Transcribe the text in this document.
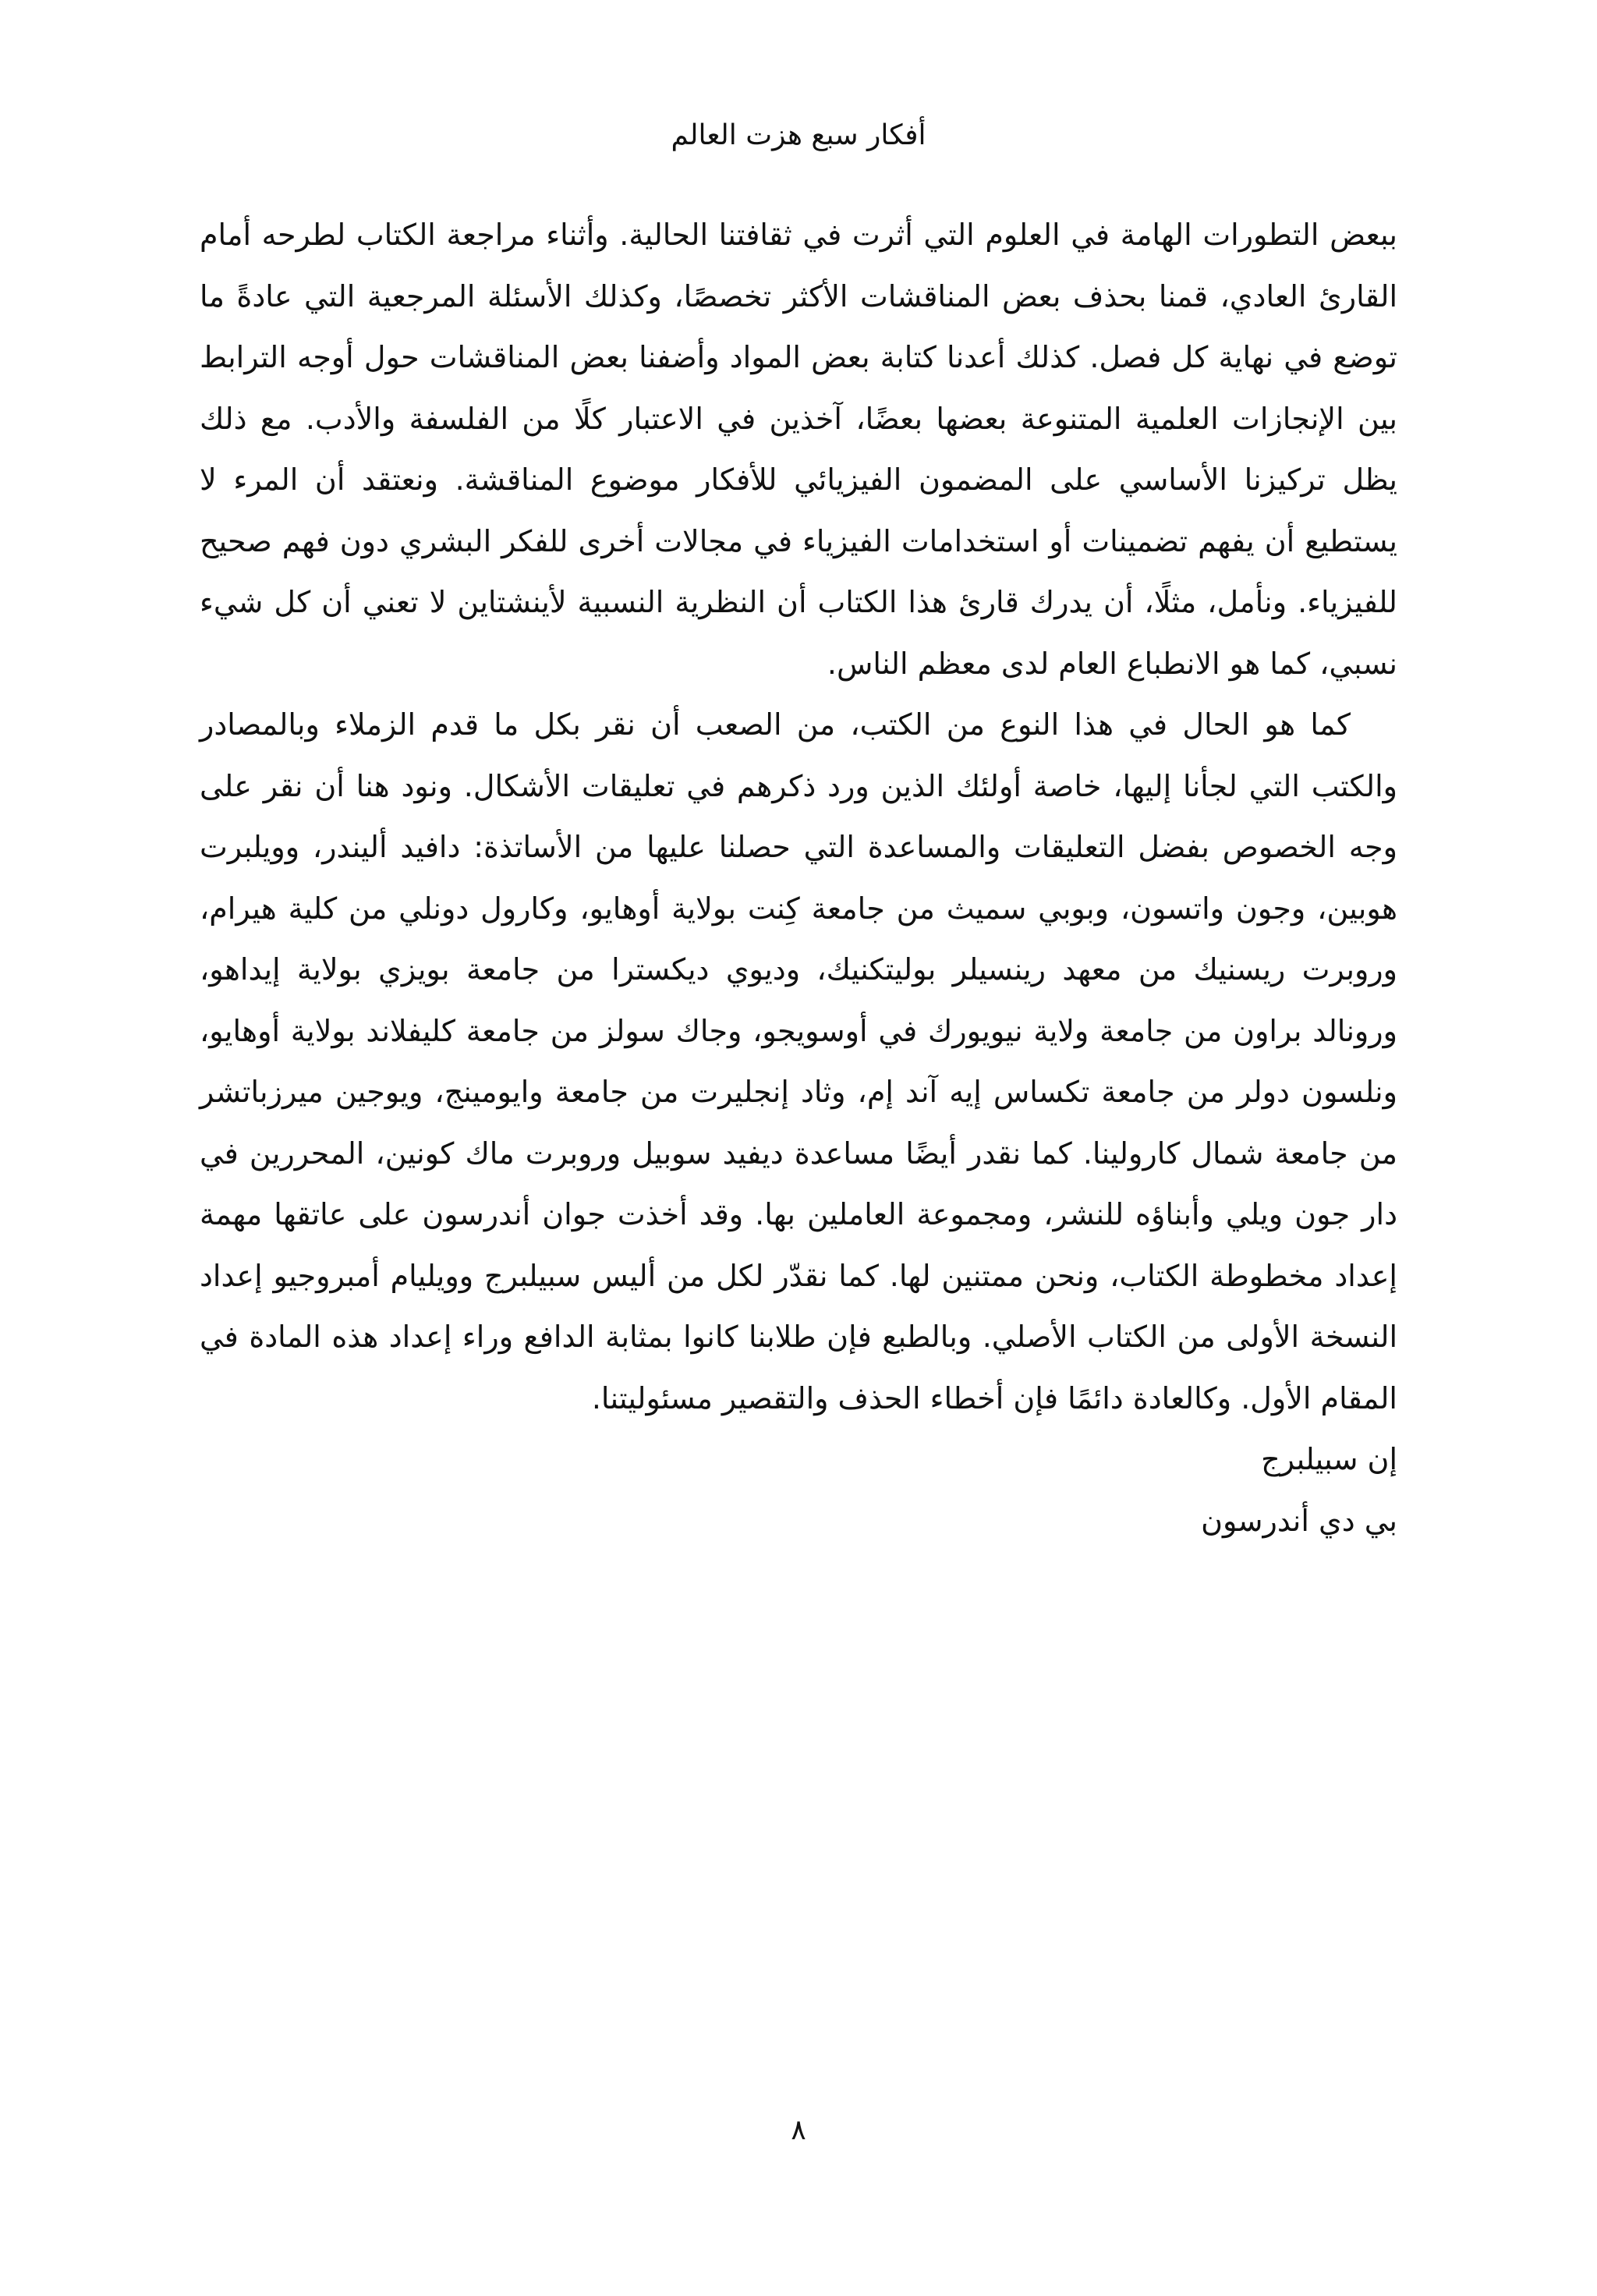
أفكار سبع هزت العالم

ببعض التطورات الهامة في العلوم التي أثرت في ثقافتنا الحالية. وأثناء مراجعة الكتاب لطرحه أمام القارئ العادي، قمنا بحذف بعض المناقشات الأكثر تخصصًا، وكذلك الأسئلة المرجعية التي عادةً ما توضع في نهاية كل فصل. كذلك أعدنا كتابة بعض المواد وأضفنا بعض المناقشات حول أوجه الترابط بين الإنجازات العلمية المتنوعة بعضها بعضًا، آخذين في الاعتبار كلًا من الفلسفة والأدب. مع ذلك يظل تركيزنا الأساسي على المضمون الفيزيائي للأفكار موضوع المناقشة. ونعتقد أن المرء لا يستطيع أن يفهم تضمينات أو استخدامات الفيزياء في مجالات أخرى للفكر البشري دون فهم صحيح للفيزياء. ونأمل، مثلًا، أن يدرك قارئ هذا الكتاب أن النظرية النسبية لأينشتاين لا تعني أن كل شيء نسبي، كما هو الانطباع العام لدى معظم الناس.

كما هو الحال في هذا النوع من الكتب، من الصعب أن نقر بكل ما قدم الزملاء وبالمصادر والكتب التي لجأنا إليها، خاصة أولئك الذين ورد ذكرهم في تعليقات الأشكال. ونود هنا أن نقر على وجه الخصوص بفضل التعليقات والمساعدة التي حصلنا عليها من الأساتذة: دافيد أليندر، وويلبرت هوبين، وجون واتسون، وبوبي سميث من جامعة كِنت بولاية أوهايو، وكارول دونلي من كلية هيرام، وروبرت ريسنيك من معهد رينسيلر بوليتكنيك، وديوي ديكسترا من جامعة بويزي بولاية إيداهو، ورونالد براون من جامعة ولاية نيويورك في أوسويجو، وجاك سولز من جامعة كليفلاند بولاية أوهايو، ونلسون دولر من جامعة تكساس إيه آند إم، وثاد إنجليرت من جامعة وايومينج، ويوجين ميرزباتشر من جامعة شمال كارولينا. كما نقدر أيضًا مساعدة ديفيد سوبيل وروبرت ماك كونين، المحررين في دار جون ويلي وأبناؤه للنشر، ومجموعة العاملين بها. وقد أخذت جوان أندرسون على عاتقها مهمة إعداد مخطوطة الكتاب، ونحن ممتنين لها. كما نقدّر لكل من أليس سبيلبرج وويليام أمبروجيو إعداد النسخة الأولى من الكتاب الأصلي. وبالطبع فإن طلابنا كانوا بمثابة الدافع وراء إعداد هذه المادة في المقام الأول. وكالعادة دائمًا فإن أخطاء الحذف والتقصير مسئوليتنا.

إن سبيلبرج

بي دي أندرسون

٨
